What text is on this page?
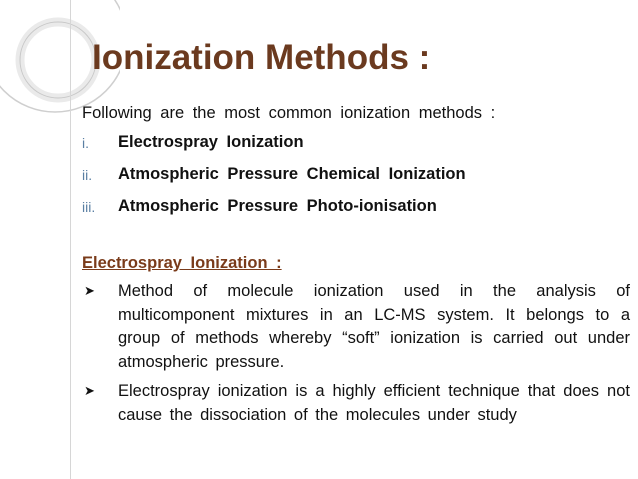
Ionization Methods :
Following are the most common ionization methods :
i. Electrospray Ionization
ii. Atmospheric Pressure Chemical Ionization
iii. Atmospheric Pressure Photo-ionisation
Electrospray Ionization :
➤ Method of molecule ionization used in the analysis of multicomponent mixtures in an LC-MS system. It belongs to a group of methods whereby “soft” ionization is carried out under atmospheric pressure.
➤ Electrospray ionization is a highly efficient technique that does not cause the dissociation of the molecules under study
